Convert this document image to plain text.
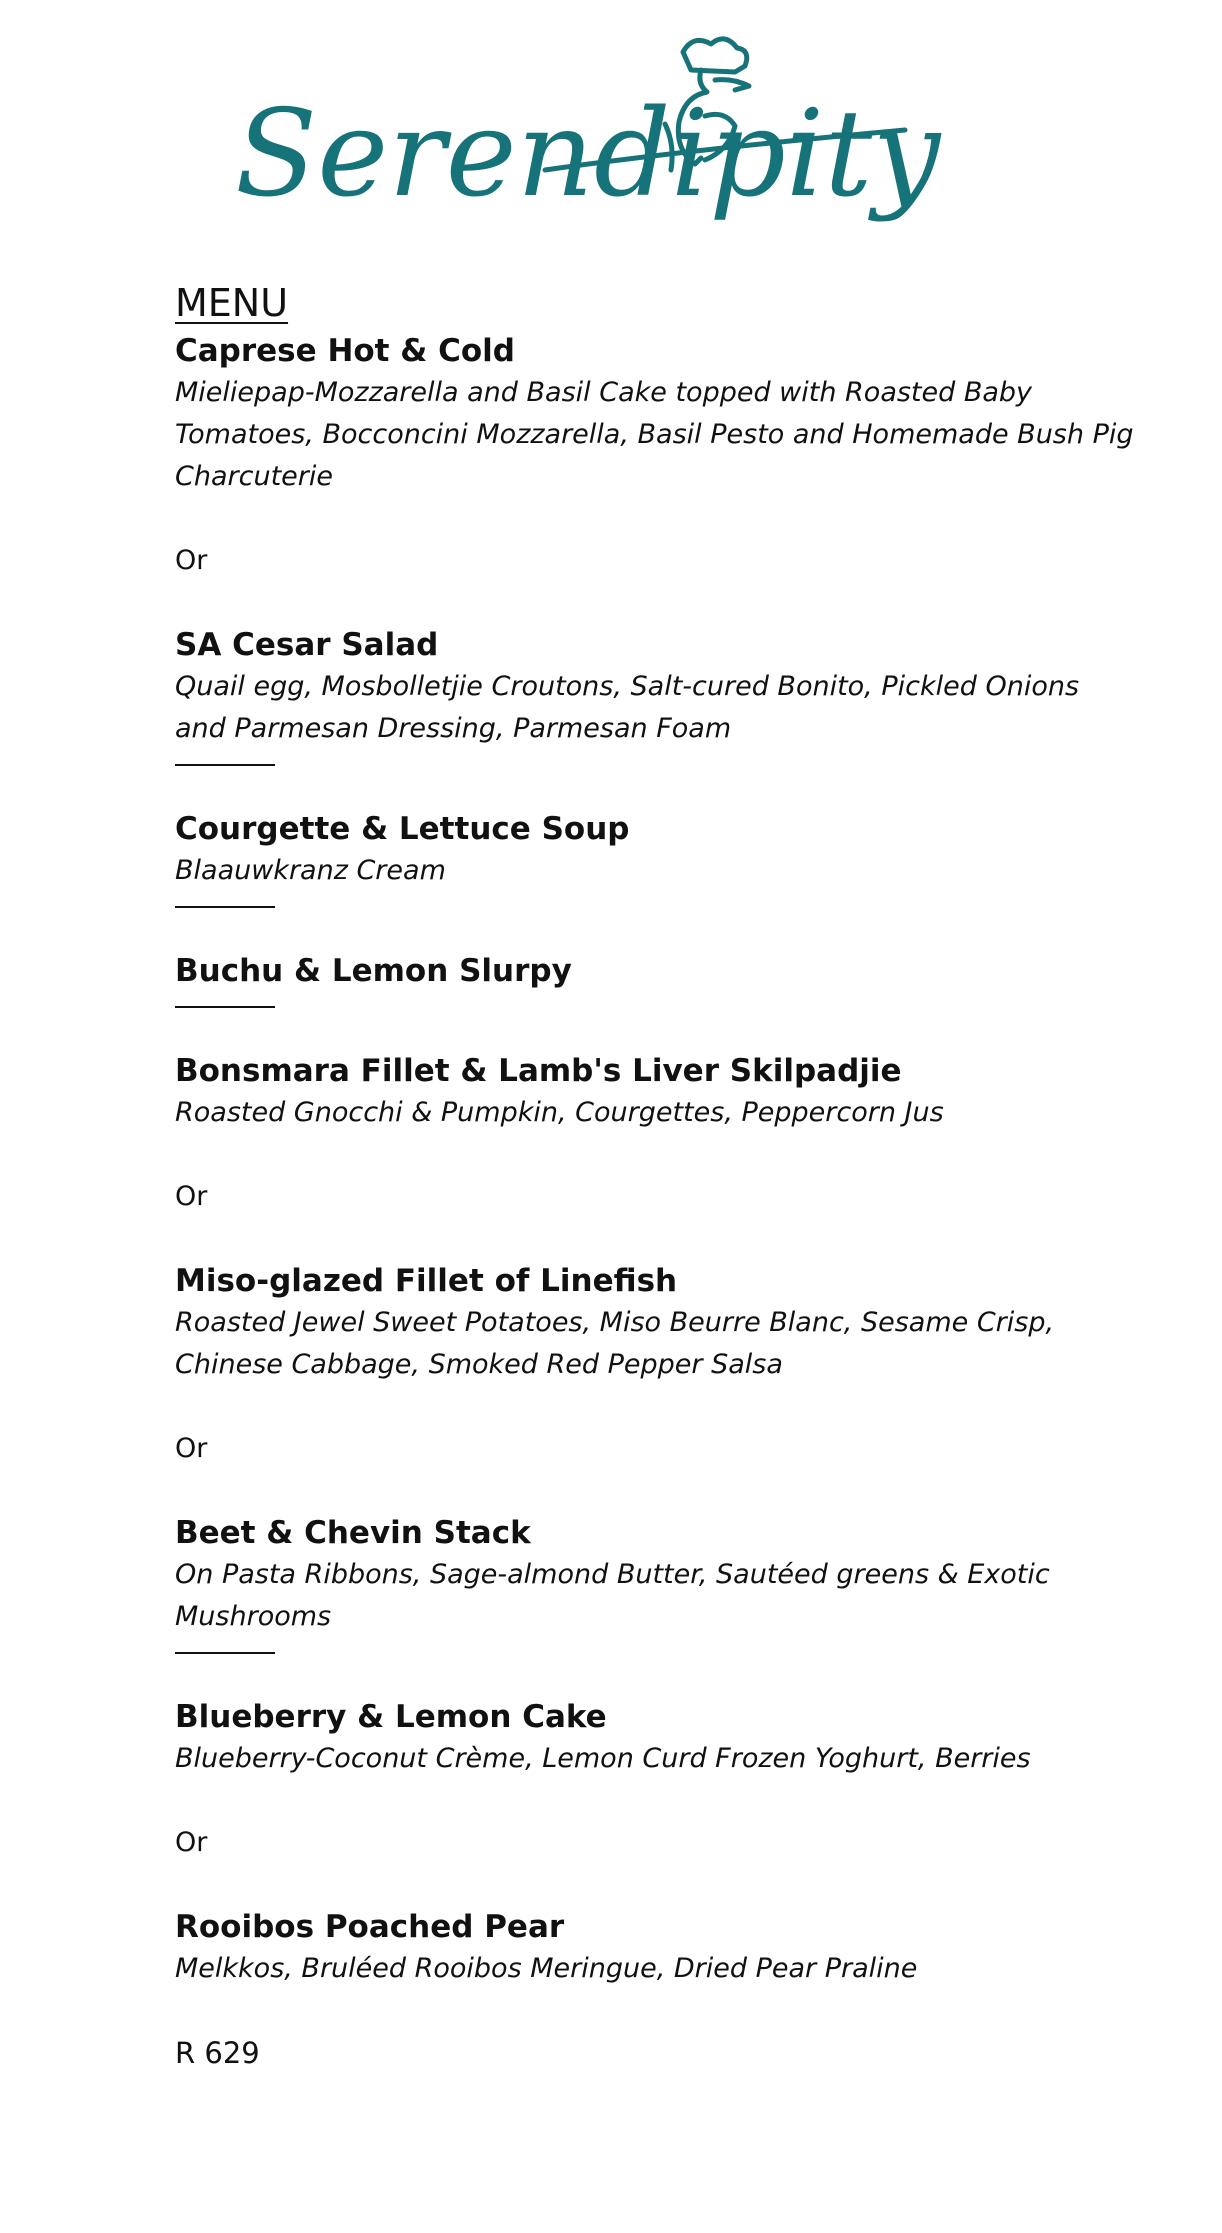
Serendipity
MENU

Caprese Hot & Cold

Mieliepap-Mozzarella and Basil Cake topped with Roasted Baby Tomatoes, Bocconcini Mozzarella, Basil Pesto and Homemade Bush Pig Charcuterie

Or

SA Cesar Salad

Quail egg, Mosbolletjie Croutons, Salt-cured Bonito, Pickled Onions and Parmesan Dressing, Parmesan Foam

Courgette & Lettuce Soup

Blaauwkranz Cream

Buchu & Lemon Slurpy

Bonsmara Fillet & Lamb's Liver Skilpadjie

Roasted Gnocchi & Pumpkin, Courgettes, Peppercorn Jus

Or

Miso-glazed Fillet of Linefish

Roasted Jewel Sweet Potatoes, Miso Beurre Blanc, Sesame Crisp, Chinese Cabbage, Smoked Red Pepper Salsa

Or

Beet & Chevin Stack

On Pasta Ribbons, Sage-almond Butter, Sautéed greens & Exotic Mushrooms

Blueberry & Lemon Cake

Blueberry-Coconut Crème, Lemon Curd Frozen Yoghurt, Berries

Or

Rooibos Poached Pear

Melkkos, Bruléed Rooibos Meringue, Dried Pear Praline

R 629
